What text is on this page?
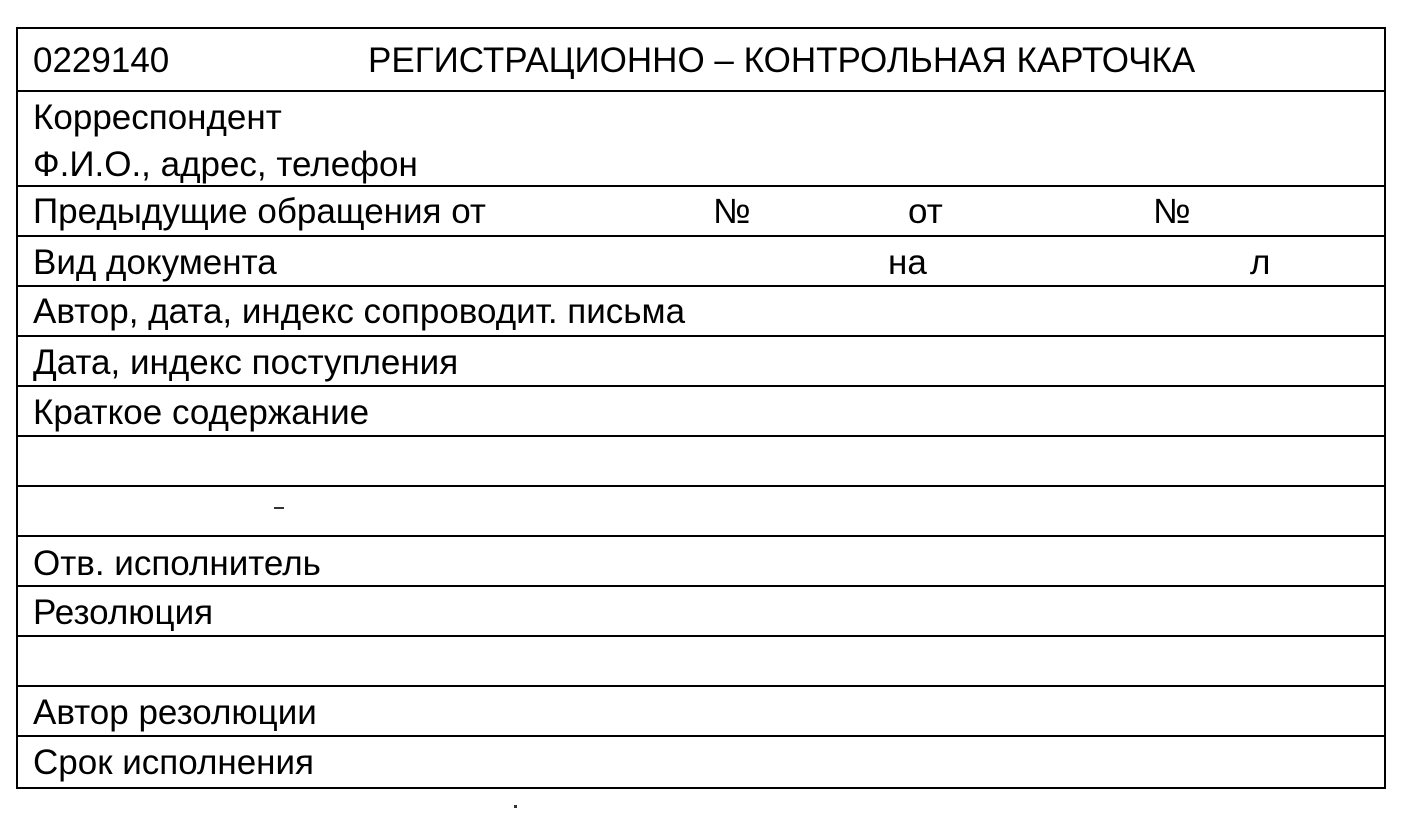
0229140	РЕГИСТРАЦИОННО – КОНТРОЛЬНАЯ КАРТОЧКА
Корреспондент
Ф.И.О., адрес, телефон
Предыдущие обращения от	№	от	№
Вид документа	на	л
Автор, дата, индекс сопроводит. письма
Дата, индекс поступления
Краткое содержание
Отв. исполнитель
Резолюция
Автор резолюции
Срок исполнения
